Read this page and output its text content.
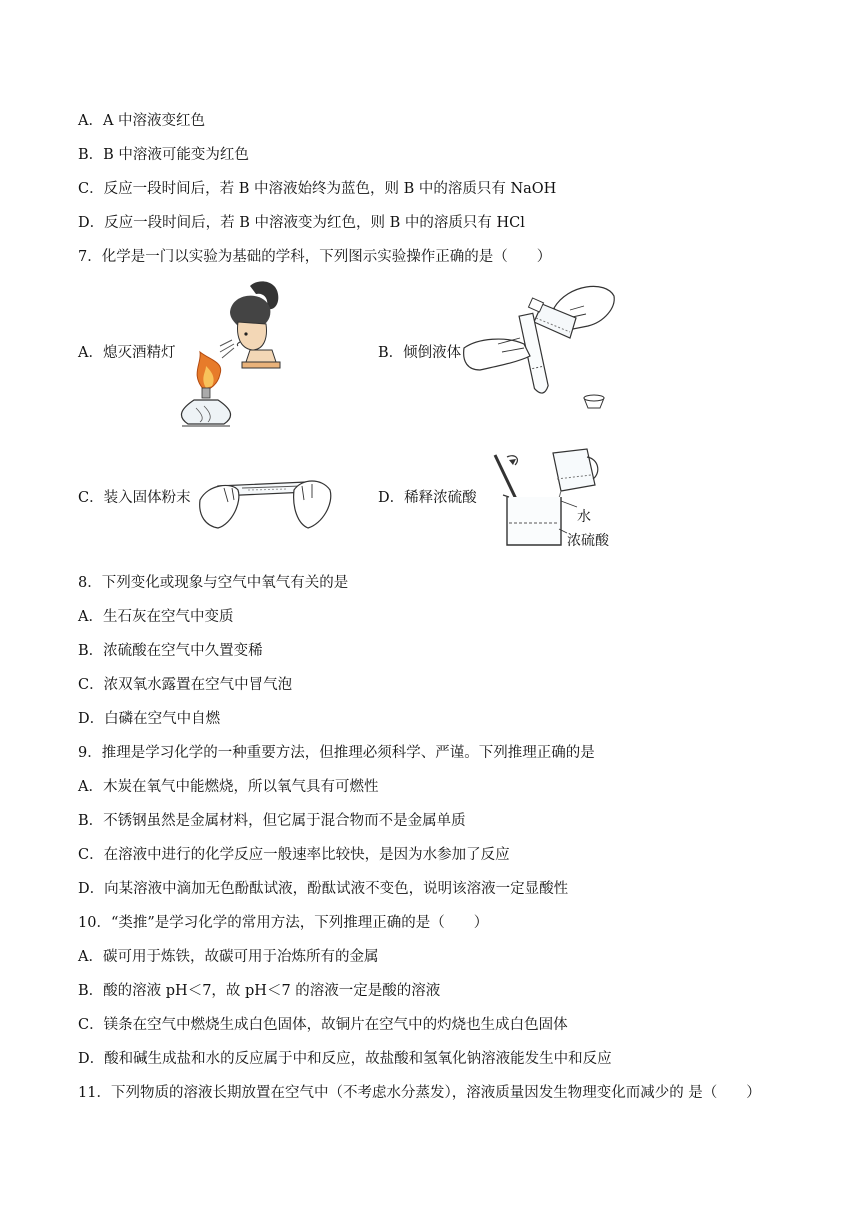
A．A 中溶液变红色
B．B 中溶液可能变为红色
C．反应一段时间后，若 B 中溶液始终为蓝色，则 B 中的溶质只有 NaOH
D．反应一段时间后，若 B 中溶液变为红色，则 B 中的溶质只有 HCl
7．化学是一门以实验为基础的学科，下列图示实验操作正确的是（　　）
A．熄灭酒精灯	B．倾倒液体
C．装入固体粉末	D．稀释浓硫酸
水
浓硫酸
8．下列变化或现象与空气中氧气有关的是
A．生石灰在空气中变质
B．浓硫酸在空气中久置变稀
C．浓双氧水露置在空气中冒气泡
D．白磷在空气中自燃
9．推理是学习化学的一种重要方法，但推理必须科学、严谨。下列推理正确的是
A．木炭在氧气中能燃烧，所以氧气具有可燃性
B．不锈钢虽然是金属材料，但它属于混合物而不是金属单质
C．在溶液中进行的化学反应一般速率比较快，是因为水参加了反应
D．向某溶液中滴加无色酚酞试液，酚酞试液不变色，说明该溶液一定显酸性
10．“类推”是学习化学的常用方法，下列推理正确的是（　　）
A．碳可用于炼铁，故碳可用于冶炼所有的金属
B．酸的溶液 pH＜7，故 pH＜7 的溶液一定是酸的溶液
C．镁条在空气中燃烧生成白色固体，故铜片在空气中的灼烧也生成白色固体
D．酸和碱生成盐和水的反应属于中和反应，故盐酸和氢氧化钠溶液能发生中和反应
11．下列物质的溶液长期放置在空气中（不考虑水分蒸发），溶液质量因发生物理变化而减少的 是（　　）
